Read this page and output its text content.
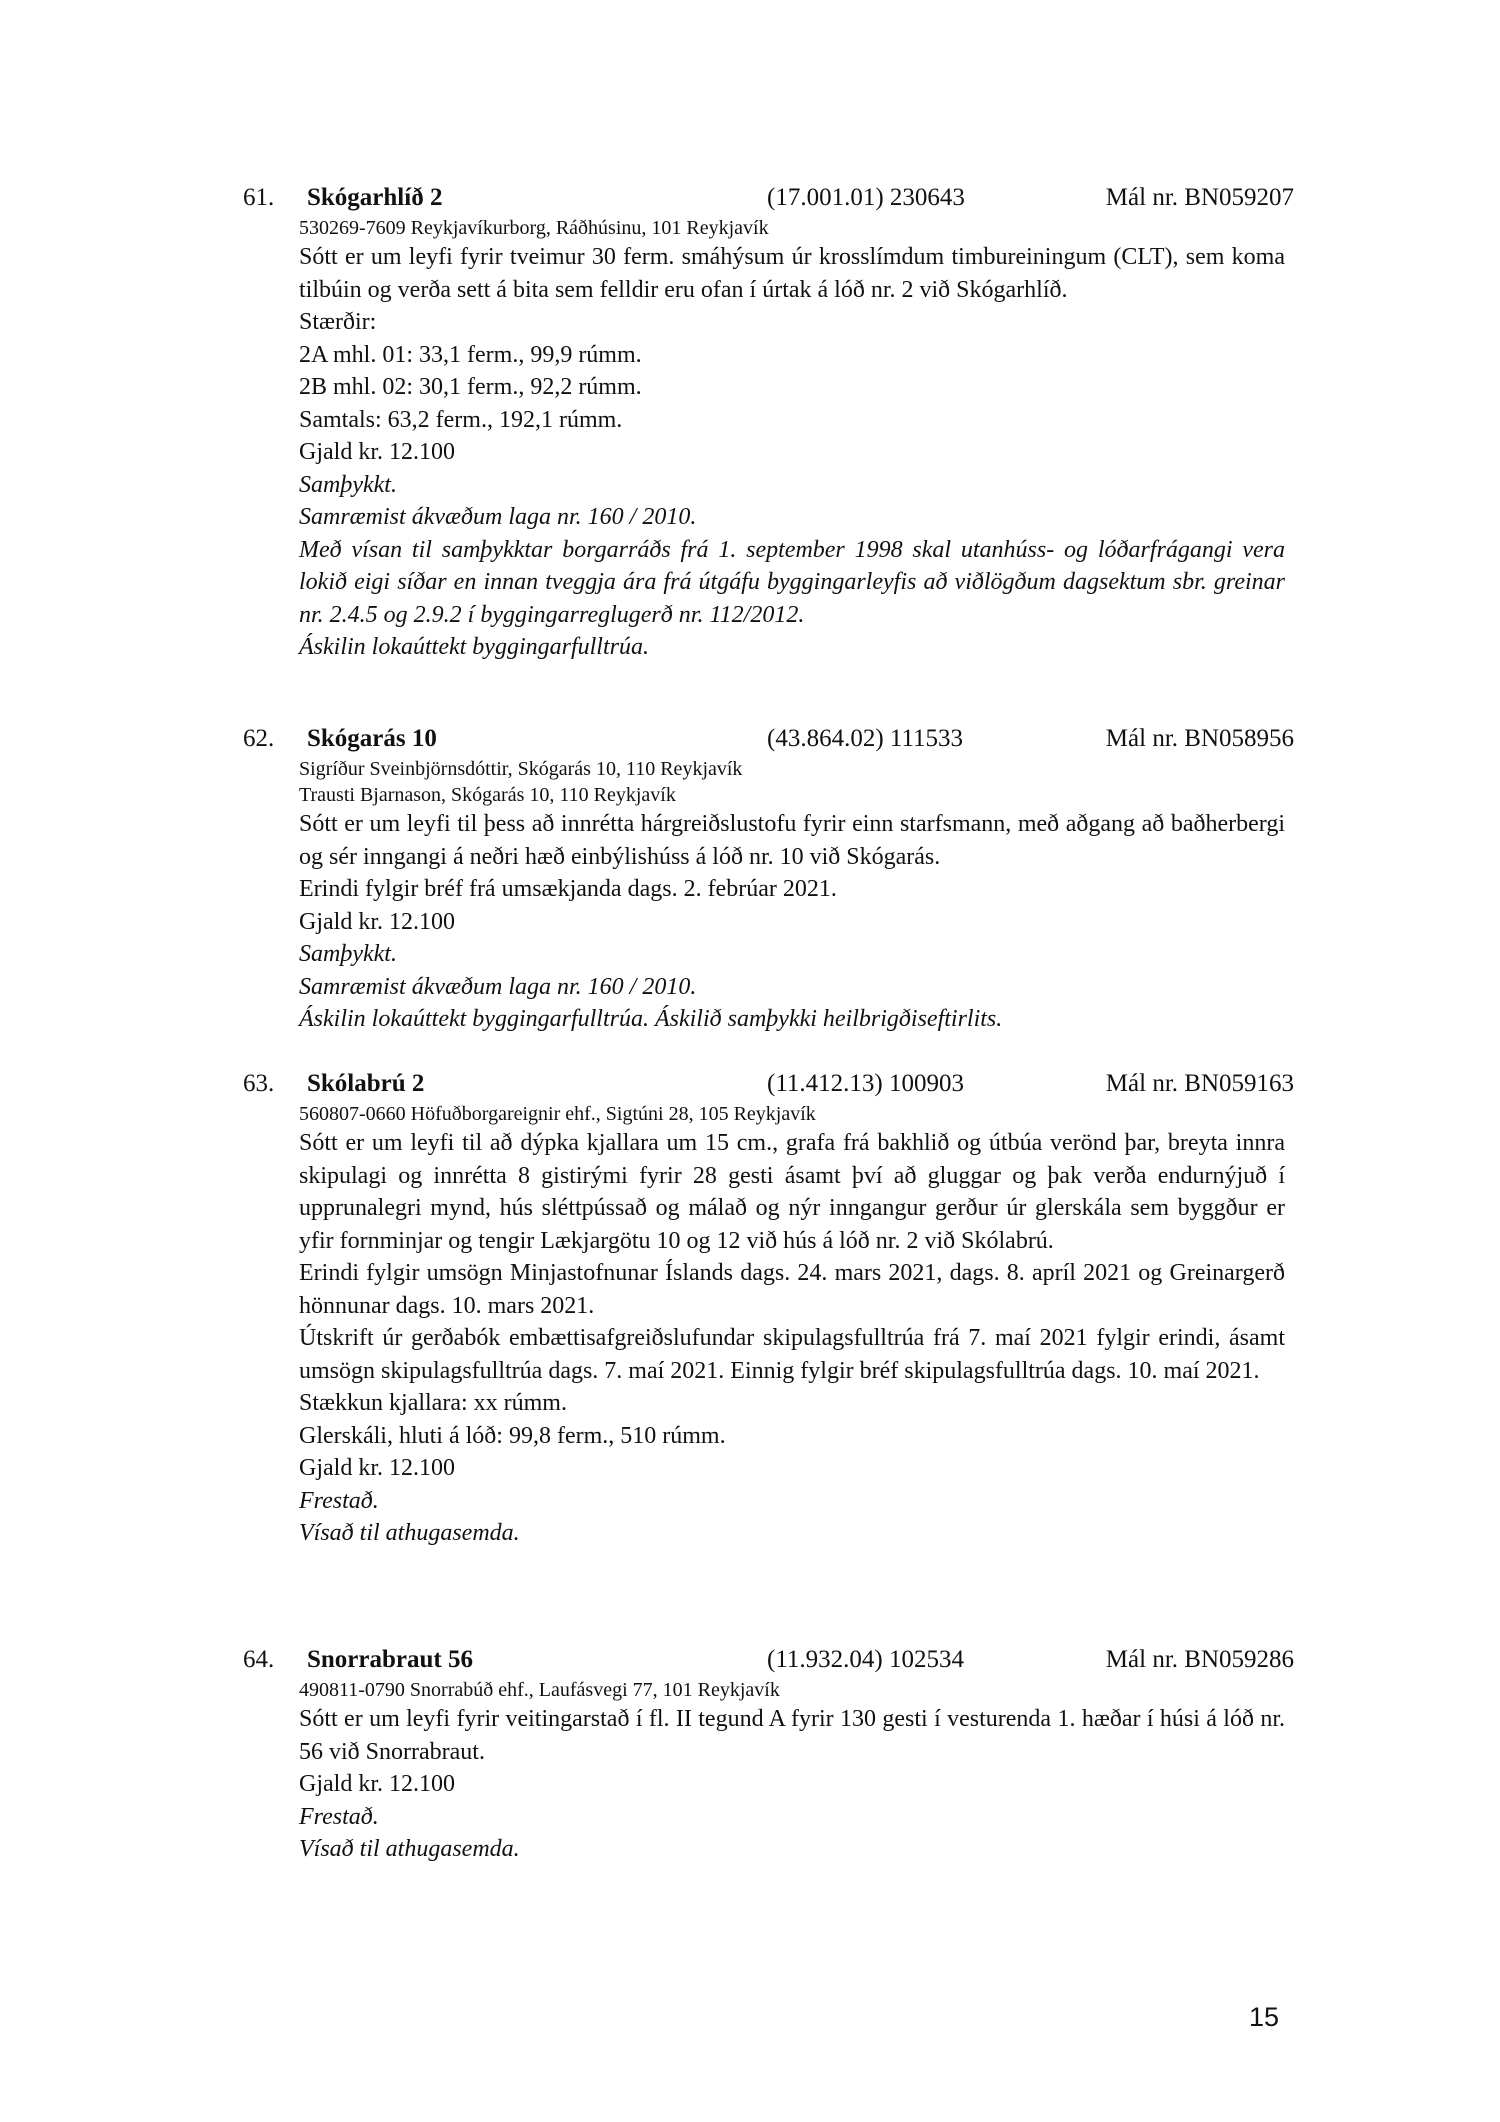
61. Skógarhlíð 2	(17.001.01) 230643	Mál nr. BN059207
530269-7609 Reykjavíkurborg, Ráðhúsinu, 101 Reykjavík
Sótt er um leyfi fyrir tveimur 30 ferm. smáhýsum úr krosslímdum timbureiningum (CLT), sem koma tilbúin og verða sett á bita sem felldir eru ofan í úrtak á lóð nr. 2 við Skógarhlíð.
Stærðir:
2A mhl. 01: 33,1 ferm., 99,9 rúmm.
2B mhl. 02: 30,1 ferm., 92,2 rúmm.
Samtals: 63,2 ferm., 192,1 rúmm.
Gjald kr. 12.100
Samþykkt.
Samræmist ákvæðum laga nr. 160 / 2010.
Með vísan til samþykktar borgarráðs frá 1. september 1998 skal utanhúss- og lóðarfrágangi vera lokið eigi síðar en innan tveggja ára frá útgáfu byggingarleyfis að viðlögðum dagsektum sbr. greinar nr. 2.4.5 og 2.9.2 í byggingarreglugerð nr. 112/2012.
Áskilin lokaúttekt byggingarfulltrúa.
62. Skógarás 10	(43.864.02) 111533	Mál nr. BN058956
Sigríður Sveinbjörnsdóttir, Skógarás 10, 110 Reykjavík
Trausti Bjarnason, Skógarás 10, 110 Reykjavík
Sótt er um leyfi til þess að innrétta hárgreiðslustofu fyrir einn starfsmann, með aðgang að baðherbergi og sér inngangi á neðri hæð einbýlishúss á lóð nr. 10 við Skógarás.
Erindi fylgir bréf frá umsækjanda dags. 2. febrúar 2021.
Gjald kr. 12.100
Samþykkt.
Samræmist ákvæðum laga nr. 160 / 2010.
Áskilin lokaúttekt byggingarfulltrúa. Áskilið samþykki heilbrigðiseftirlits.
63. Skólabrú 2	(11.412.13) 100903	Mál nr. BN059163
560807-0660 Höfuðborgareignir ehf., Sigtúni 28, 105 Reykjavík
Sótt er um leyfi til að dýpka kjallara um 15 cm., grafa frá bakhlið og útbúa verönd þar, breyta innra skipulagi og innrétta 8 gistirými fyrir 28 gesti ásamt því að gluggar og þak verða endurnýjuð í upprunalegri mynd, hús sléttpússað og málað og nýr inngangur gerður úr glerskála sem byggður er yfir fornminjar og tengir Lækjargötu 10 og 12 við hús á lóð nr. 2 við Skólabrú.
Erindi fylgir umsögn Minjastofnunar Íslands dags. 24. mars 2021, dags. 8. apríl 2021 og Greinargerð hönnunar dags. 10. mars 2021.
Útskrift úr gerðabók embættisafgreiðslufundar skipulagsfulltrúa frá 7. maí 2021 fylgir erindi, ásamt umsögn skipulagsfulltrúa dags. 7. maí 2021. Einnig fylgir bréf skipulagsfulltrúa dags. 10. maí 2021.
Stækkun kjallara: xx rúmm.
Glerskáli, hluti á lóð: 99,8 ferm., 510 rúmm.
Gjald kr. 12.100
Frestað.
Vísað til athugasemda.
64. Snorrabraut 56	(11.932.04) 102534	Mál nr. BN059286
490811-0790 Snorrabúð ehf., Laufásvegi 77, 101 Reykjavík
Sótt er um leyfi fyrir veitingarstað í fl. II tegund A fyrir 130 gesti í vesturenda 1. hæðar í húsi á lóð nr. 56 við Snorrabraut.
Gjald kr. 12.100
Frestað.
Vísað til athugasemda.
15
